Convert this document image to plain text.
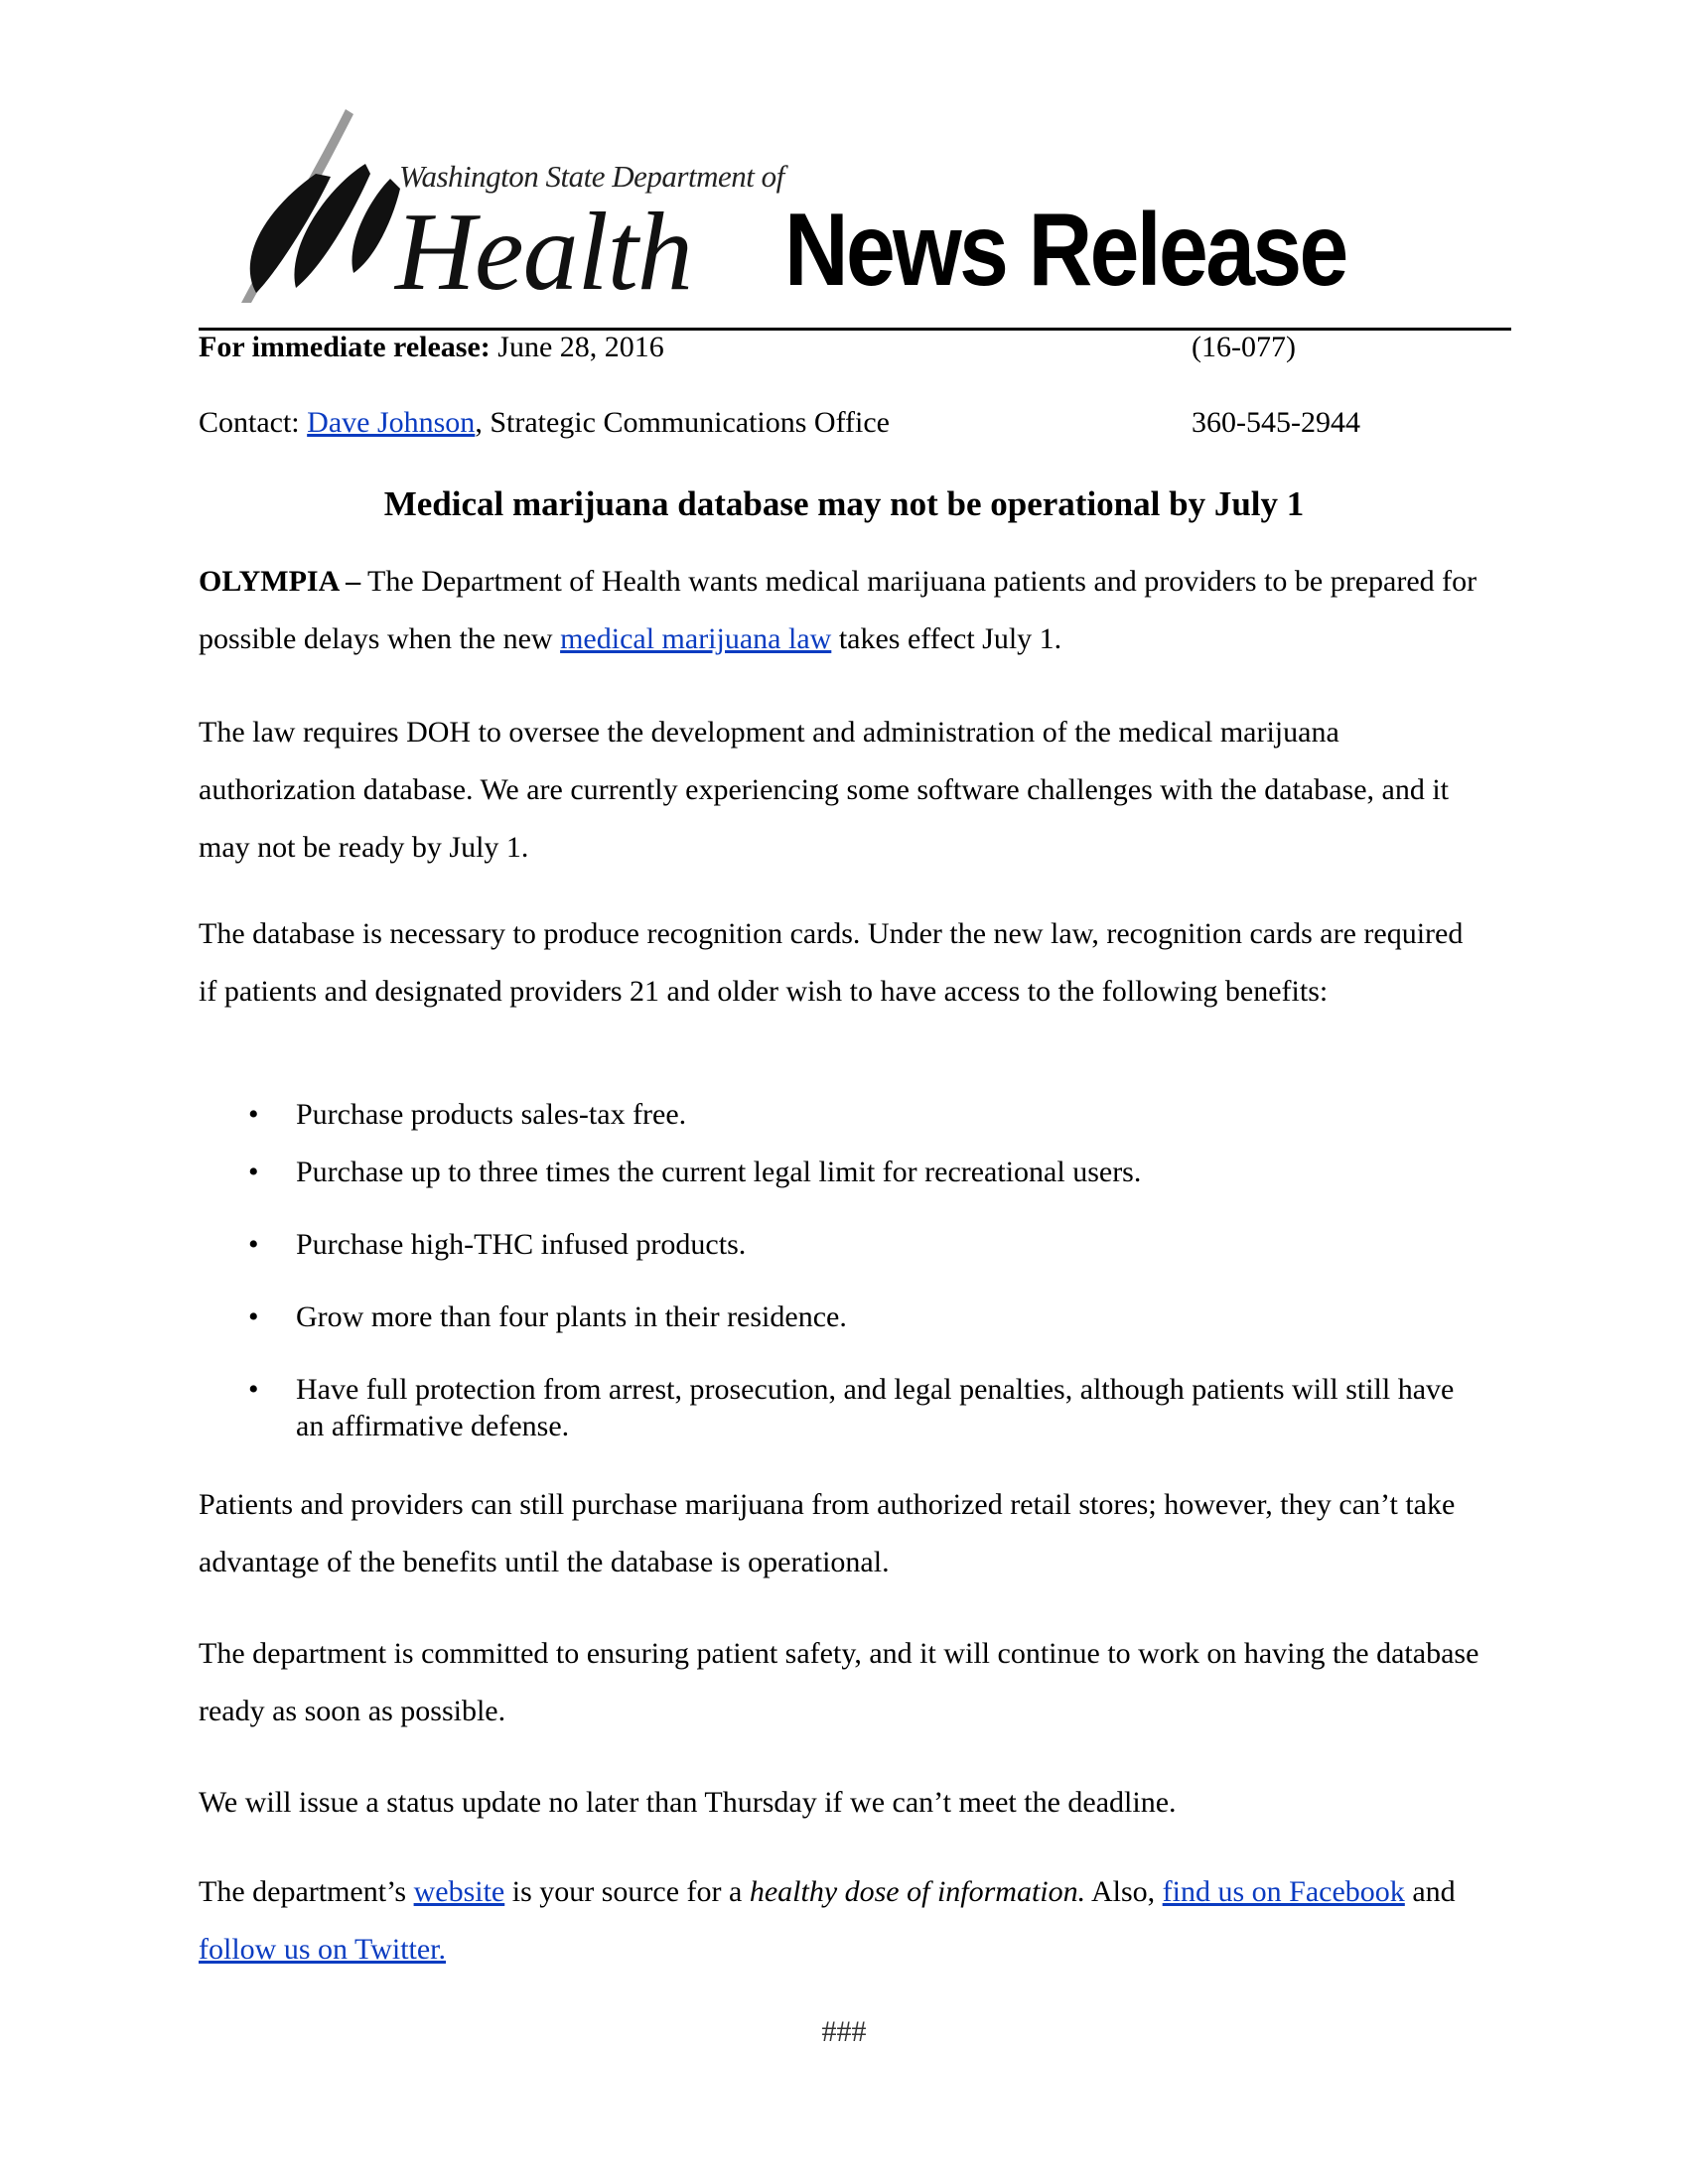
Washington State Department of
Health News Release
For immediate release: June 28, 2016	(16-077)
Contact: Dave Johnson, Strategic Communications Office	360-545-2944
Medical marijuana database may not be operational by July 1
OLYMPIA – The Department of Health wants medical marijuana patients and providers to be prepared for possible delays when the new medical marijuana law takes effect July 1.
The law requires DOH to oversee the development and administration of the medical marijuana authorization database. We are currently experiencing some software challenges with the database, and it may not be ready by July 1.
The database is necessary to produce recognition cards. Under the new law, recognition cards are required if patients and designated providers 21 and older wish to have access to the following benefits:
• Purchase products sales-tax free.
• Purchase up to three times the current legal limit for recreational users.
• Purchase high-THC infused products.
• Grow more than four plants in their residence.
• Have full protection from arrest, prosecution, and legal penalties, although patients will still have an affirmative defense.
Patients and providers can still purchase marijuana from authorized retail stores; however, they can’t take advantage of the benefits until the database is operational.
The department is committed to ensuring patient safety, and it will continue to work on having the database ready as soon as possible.
We will issue a status update no later than Thursday if we can’t meet the deadline.
The department’s website is your source for a healthy dose of information. Also, find us on Facebook and follow us on Twitter.
###
